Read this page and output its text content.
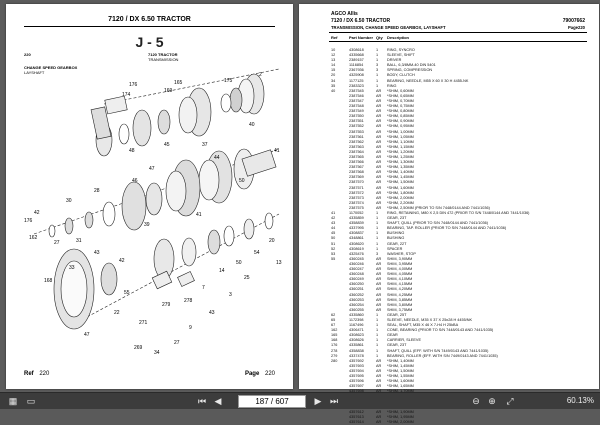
7120 / DX 6.50 TRACTOR
J - 5
220	7120 TRACTOR
TRANSMISSION
CHANGE SPEED GEARBOX
LAYSHAFT
176
174
169
165	175
2
40
37
48
44
50
41
45
47
46
39
41
42
176
162
27
28
30
31
43
33
42
168
55
22
47
271
279
278
7
14
50
54
20
13
25
3
43
9
27
34
269
Ref 220	Page 220
AGCO Allis
7120 / DX 6.50 TRACTOR	79007662
TRANSMISSION, CHANGE SPEED GEARBOX, LAYSHAFT	Page220
Ref	Part Number Qty Description
10	4308618	1 RING, SYNCRO
12	4335668	1 SLEEVE, SHIFT
13	2389157	1 DRIVER
14	1116854	3 BALL, 6,3/8MM-40 DIN 5401
15	2367936	3 SPRING, COMPRESSION
20	4325908	1 BODY, CLUTCH
34	1177125	1 BEARING, NEEDLE, M55 X 60 X 30 H 4455-NK
35	2383323	1 RING
40	2387545	AR *SHIM, 0,60MM
2387546	AR *SHIM, 0,65MM
2387547	AR *SHIM, 0,70MM
2387548	AR *SHIM, 0,75MM
2387549	AR *SHIM, 0,80MM
2387550	AR *SHIM, 0,85MM
2387551	AR *SHIM, 0,90MM
2387552	AR *SHIM, 0,95MM
2387553	AR *SHIM, 1,00MM
2387561	AR *SHIM, 1,05MM
2387562	AR *SHIM, 1,10MM
2387563	AR *SHIM, 1,15MM
2387564	AR *SHIM, 1,20MM
2387565	AR *SHIM, 1,25MM
2387566	AR *SHIM, 1,30MM
2387567	AR *SHIM, 1,35MM
2387568	AR *SHIM, 1,40MM
2387569	AR *SHIM, 1,45MM
2387570	AR *SHIM, 1,50MM
2387571	AR *SHIM, 1,60MM
2387572	AR *SHIM, 1,80MM
2387573	AR *SHIM, 2,00MM
2387574	AR *SHIM, 2,20MM
2387575	AR *SHIM, 2,50MM (PRIOR TO S/N 7448/0144 AND 7441/1036)
41	1170052	1 RING, RETAINING, M80 X 2,5 DIN 472 (PRIOR TO S/N 7448/0144 AND 7441/1036)
42	4335859	1 GEAR, 23T
43	4358839	1 SHAFT, QUILL (PRIOR TO S/N 7448/0144 AND 7441/1036)
44	4337995	1 BEARING, TAP. ROLLER (PRIOR TO S/N 7448/0144 AND 7441/1036)
45	4308837	1 BUSHING
50	4348861	1 BUSHING
51	4308620	1 GEAR, 22T
52	4308619	1 SPACER
53	4325476	3 WASHER, STOP
55	4360245	AR SHIM, 3,90MM
4360246	AR SHIM, 3,95MM
4360247	AR SHIM, 4,00MM
4360248	AR SHIM, 4,05MM
4360249	AR SHIM, 4,10MM
4360250	AR SHIM, 4,15MM
4360251	AR SHIM, 4,20MM
4360252	AR SHIM, 4,25MM
4360253	AR SHIM, 3,85MM
4360254	AR SHIM, 3,80MM
4360255	AR SHIM, 3,75MM
62	4335860	1 GEAR, 25T
65	1172398	1 SLEEVE, NEEDLE, M35 X 37 X 25x28 H 4455/NK
67	1167496	1 SEAL, SHAFT, M35 X 46 X 7-H4 H 25kBA
162	4306471	1 CONE, BEARING (PRIOR TO S/N 7448/0143 AND 7441/1035)
165	4308623	1 GEAR
168	4308626	1 CARRIER, SLEEVE
176	4335861	1 GEAR, 23T
278	4358838	1 SHAFT, QUILL (EFF. WITH S/N 7449/0143 AND 7441/1035)
279	4337478	1 BEARING, ROLLER (EFF. WITH S/N 7449/0143 AND 7441/1035)
280	4357692	AR *SHIM, 1,40MM
4357693	AR *SHIM, 1,45MM
4357694	AR *SHIM, 1,50MM
4357695	AR *SHIM, 1,55MM
4357696	AR *SHIM, 1,60MM
4357697	AR *SHIM, 1,65MM
4357612	AR *SHIM, 1,90MM
4357613	AR *SHIM, 1,95MM
4357614	AR *SHIM, 2,00MM
▦	▭	⏮ ◀	187 / 607	▶ ⏭	⊖ ⊕ ⤢	60.13%
